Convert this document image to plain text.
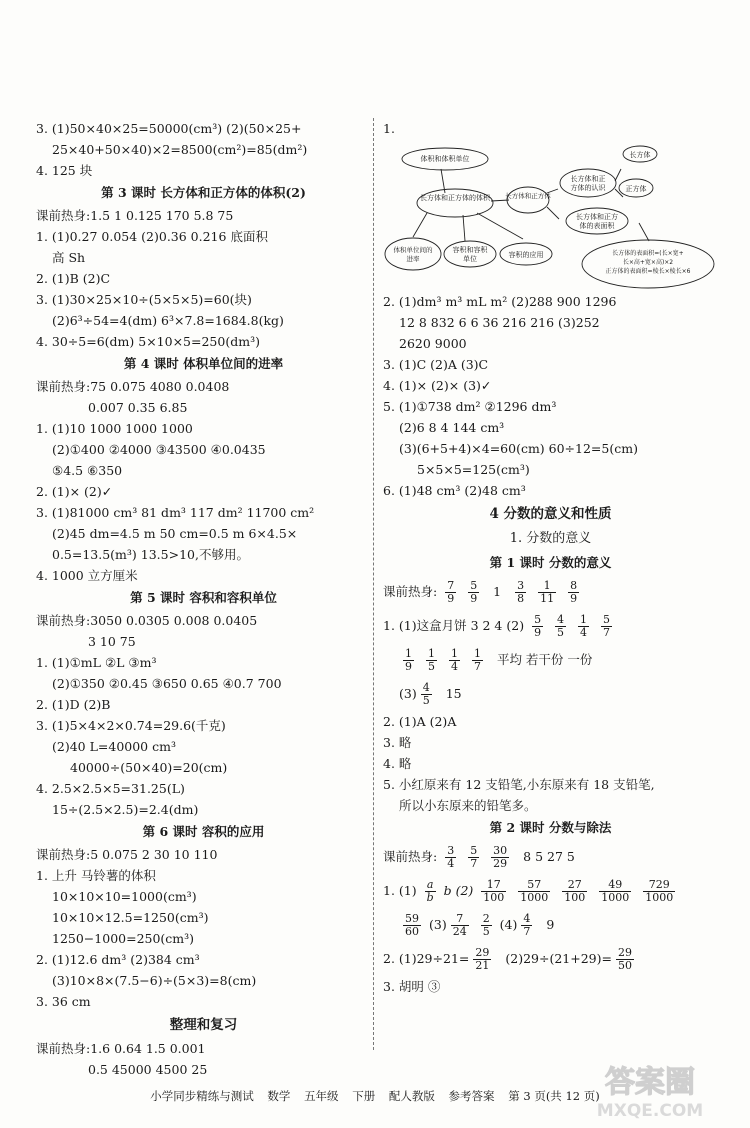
3. (1)50×40×25=50000(cm³) (2)(50×25+
25×40+50×40)×2=8500(cm²)=85(dm²)
4. 125 块
第 3 课时 长方体和正方体的体积(2)
课前热身:1.5 1 0.125 170 5.8 75
1. (1)0.27 0.054 (2)0.36 0.216 底面积
高 Sh
2. (1)B (2)C
3. (1)30×25×10÷(5×5×5)=60(块)
(2)6³÷54=4(dm) 6³×7.8=1684.8(kg)
4. 30÷5=6(dm) 5×10×5=250(dm³)
第 4 课时 体积单位间的进率
课前热身:75 0.075 4080 0.0408
0.007 0.35 6.85
1. (1)10 1000 1000 1000
(2)①400 ②4000 ③43500 ④0.0435
⑤4.5 ⑥350
2. (1)× (2)✓
3. (1)81000 cm³ 81 dm³ 117 dm² 11700 cm²
(2)45 dm=4.5 m 50 cm=0.5 m 6×4.5×
0.5=13.5(m³) 13.5>10,不够用。
4. 1000 立方厘米
第 5 课时 容积和容积单位
课前热身:3050 0.0305 0.008 0.0405
3 10 75
1. (1)①mL ②L ③m³
(2)①350 ②0.45 ③650 0.65 ④0.7 700
2. (1)D (2)B
3. (1)5×4×2×0.74=29.6(千克)
(2)40 L=40000 cm³
40000÷(50×40)=20(cm)
4. 2.5×2.5×5=31.25(L)
15÷(2.5×2.5)=2.4(dm)
第 6 课时 容积的应用
课前热身:5 0.075 2 30 10 110
1. 上升 马铃薯的体积
10×10×10=1000(cm³)
10×10×12.5=1250(cm³)
1250−1000=250(cm³)
2. (1)12.6 dm³ (2)384 cm³
(3)10×8×(7.5−6)÷(5×3)=8(cm)
3. 36 cm
整理和复习
课前热身:1.6 0.64 1.5 0.001
0.5 45000 4500 25
1.
体积和体积单位
长方体和正方体的体积 长方体和正方体
长方体和正
方体的认识
长方体
正方体
长方体和正方
体的表面积
体积单位间的
进率
容积和容积
单位	容积的应用	长方体的表面积=(长×宽+
长×高+宽×高)×2
正方体的表面积=棱长×棱长×6
2. (1)dm³ m³ mL m² (2)288 900 1296
12 8 832 6 6 36 216 216 (3)252
2620 9000
3. (1)C (2)A (3)C
4. (1)× (2)× (3)✓
5. (1)①738 dm² ②1296 dm³
(2)6 8 4 144 cm³
(3)(6+5+4)×4=60(cm) 60÷12=5(cm)
5×5×5=125(cm³)
6. (1)48 cm³ (2)48 cm³
4 分数的意义和性质
1. 分数的意义
第 1 课时 分数的意义
课前热身: $\frac{7}{9}$
$\frac{5}{9} 1 \frac{3}{8}$
$\frac{1}{11}$
$\frac{8}{9}$
1. (1)这盒月饼 3 2 4 $(2) \frac{5}{9}$
$\frac{4}{5}$
$\frac{1}{4}$
$\frac{5}{7}$
$\frac{1}{9}$
$\frac{1}{5}$
$\frac{1}{4}$
$\frac{1}{7}$ 平均 若干份 一份
$(3) \frac{4}{5} 15$
2. (1)A (2)A
3. 略
4. 略
5. 小红原来有 12 支铅笔,小东原来有 18 支铅笔,
所以小东原来的铅笔多。
第 2 课时 分数与除法
课前热身: $\frac{3}{4}$
$\frac{5}{7}$
$\frac{30}{29} 8$ 5 27 5
1. $(1) \frac{a}{b}$ b $(2) \frac{17}{100}$
$\frac{57}{1000}$
$\frac{27}{100}$
$\frac{49}{1000}$
$\frac{729}{1000}$
$\frac{59}{60} (3) \frac{7}{24}$
$\frac{2}{5} (4) \frac{4}{7} 9$
2. $(1)29\div 21= \frac{29}{21} (2)29\div(21+29)= \frac{29}{50}$
3. 胡明 ③
小学同步精练与测试 数学 五年级 下册 配人教版 参考答案 第 3 页(共 12 页) 答案圈
MXQE.COM
